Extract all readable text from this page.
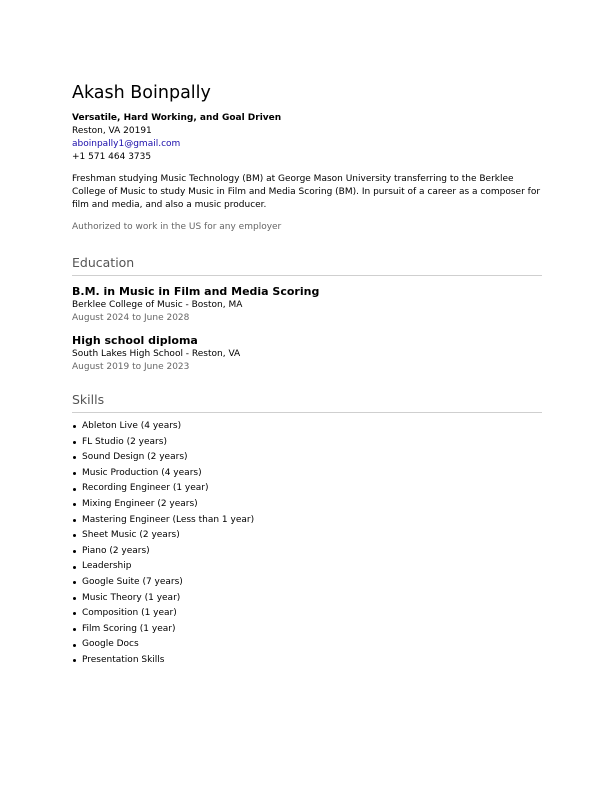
Akash Boinpally
Versatile, Hard Working, and Goal Driven
Reston, VA 20191
aboinpally1@gmail.com
+1 571 464 3735
Freshman studying Music Technology (BM) at George Mason University transferring to the Berklee College of Music to study Music in Film and Media Scoring (BM). In pursuit of a career as a composer for film and media, and also a music producer.
Authorized to work in the US for any employer
Education
B.M. in Music in Film and Media Scoring
Berklee College of Music - Boston, MA
August 2024 to June 2028
High school diploma
South Lakes High School - Reston, VA
August 2019 to June 2023
Skills
Ableton Live (4 years)
FL Studio (2 years)
Sound Design (2 years)
Music Production (4 years)
Recording Engineer (1 year)
Mixing Engineer (2 years)
Mastering Engineer (Less than 1 year)
Sheet Music (2 years)
Piano (2 years)
Leadership
Google Suite (7 years)
Music Theory (1 year)
Composition (1 year)
Film Scoring (1 year)
Google Docs
Presentation Skills
